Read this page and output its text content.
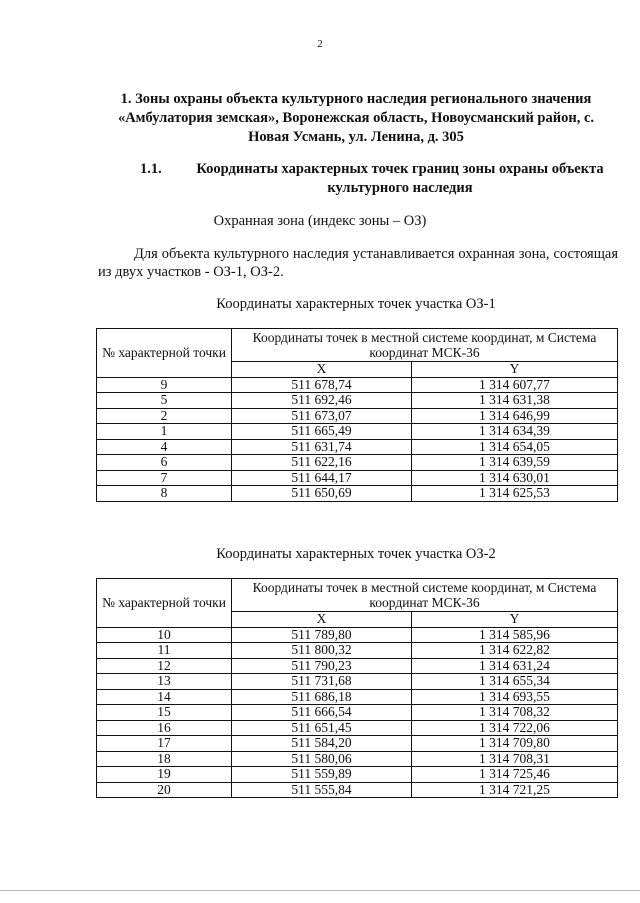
2
1. Зоны охраны объекта культурного наследия регионального значения «Амбулатория земская», Воронежская область, Новоусманский район, с. Новая Усмань, ул. Ленина, д. 305
1.1.	Координаты характерных точек границ зоны охраны объекта культурного наследия
Охранная зона (индекс зоны – ОЗ)
Для объекта культурного наследия устанавливается охранная зона, состоящая из двух участков - ОЗ-1, ОЗ-2.
Координаты характерных точек участка ОЗ-1
№ характерной точки	Координаты точек в местной системе координат, м Система координат МСК-36	
	X	Y
9	511 678,74	1 314 607,77
5	511 692,46	1 314 631,38
2	511 673,07	1 314 646,99
1	511 665,49	1 314 634,39
4	511 631,74	1 314 654,05
6	511 622,16	1 314 639,59
7	511 644,17	1 314 630,01
8	511 650,69	1 314 625,53
Координаты характерных точек участка ОЗ-2
№ характерной точки	Координаты точек в местной системе координат, м Система координат МСК-36	
	X	Y
10	511 789,80	1 314 585,96
11	511 800,32	1 314 622,82
12	511 790,23	1 314 631,24
13	511 731,68	1 314 655,34
14	511 686,18	1 314 693,55
15	511 666,54	1 314 708,32
16	511 651,45	1 314 722,06
17	511 584,20	1 314 709,80
18	511 580,06	1 314 708,31
19	511 559,89	1 314 725,46
20	511 555,84	1 314 721,25
